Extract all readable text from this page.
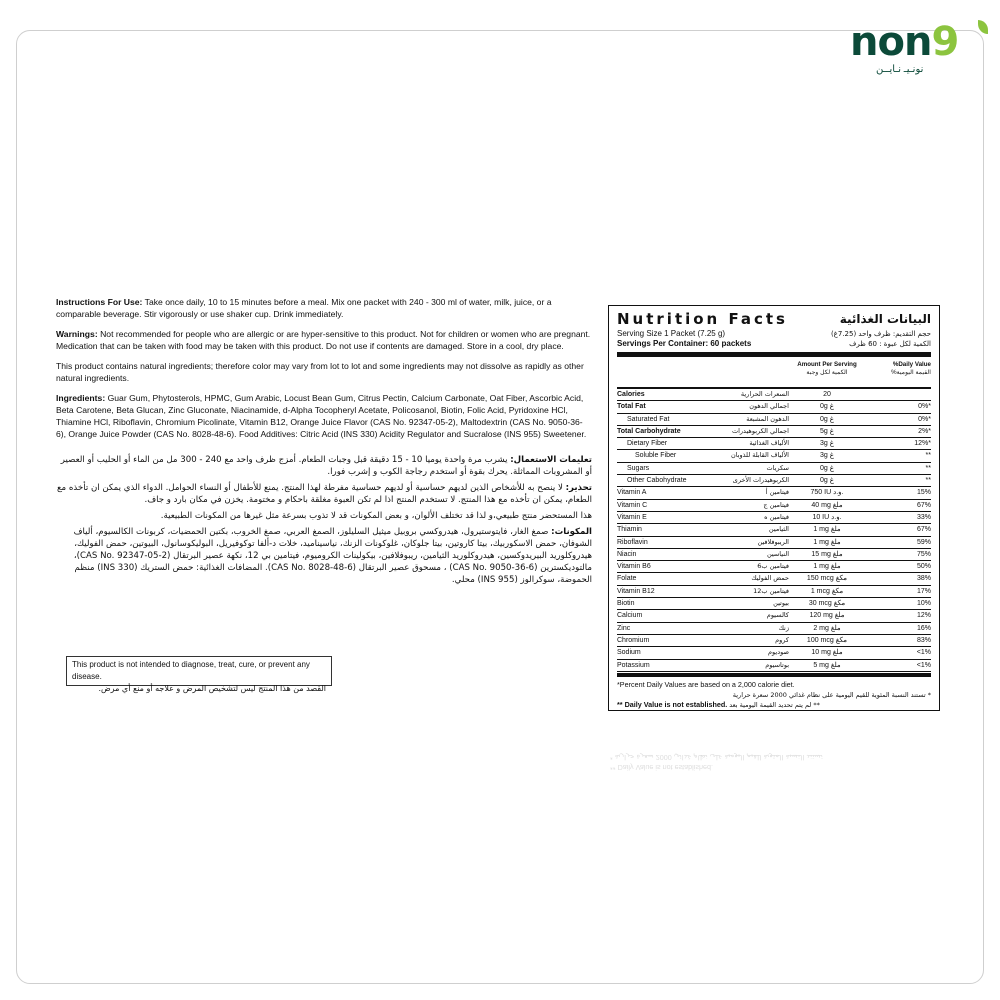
non9
نونـيـ نـايــن

Instructions For Use: Take once daily, 10 to 15 minutes before a meal. Mix one packet with 240 - 300 ml of water, milk, juice, or a comparable beverage. Stir vigorously or use shaker cup. Drink immediately.

Warnings: Not recommended for people who are allergic or are hyper-sensitive to this product. Not for children or women who are pregnant. Medication that can be taken with food may be taken with this product. Do not use if contents are damaged. Store in a cool, dry place.

This product contains natural ingredients; therefore color may vary from lot to lot and some ingredients may not dissolve as rapidly as other natural ingredients.

Ingredients: Guar Gum, Phytosterols, HPMC, Gum Arabic, Locust Bean Gum, Citrus Pectin, Calcium Carbonate, Oat Fiber, Ascorbic Acid, Beta Carotene, Beta Glucan, Zinc Gluconate, Niacinamide, d-Alpha Tocopheryl Acetate, Policosanol, Biotin, Folic Acid, Pyridoxine HCl, Thiamine HCl, Riboflavin, Chromium Picolinate, Vitamin B12, Orange Juice Flavor (CAS No. 92347-05-2), Maltodextrin (CAS No. 9050-36-6), Orange Juice Powder (CAS No. 8028-48-6). Food Additives: Citric Acid (INS 330) Acidity Regulator and Sucralose (INS 955) Sweetener.

تعليمات الاستعمال: يشرب مرة واحدة يوميا 10 - 15 دقيقة قبل وجبات الطعام. أمزج ظرف واحد مع 240 - 300 مل من الماء أو الحليب أو العصير أو المشروبات المماثلة. يحرك بقوة أو استخدم رجاجة الكوب و إشرب فورا.

تحذير: لا ينصح به للأشخاص الذين لديهم حساسية أو لديهم حساسية مفرطة لهذا المنتج. يمنع للأطفال أو النساء الحوامل. الدواء الذي يمكن ان تأخذه مع الطعام، يمكن ان تأخذه مع هذا المنتج. لا تستخدم المنتج اذا لم تكن العبوة مغلقة باحكام و مختومة. يخزن في مكان بارد و جاف.

هذا المستحضر منتج طبيعي،و لذا قد تختلف الألوان، و بعض المكونات قد لا تذوب بسرعة مثل غيرها من المكونات الطبيعية.

المكونات: صمغ الغار، فايتوستيرول، هيدروكسي بروبيل ميثيل السليلوز، الصمغ العربي، صمغ الخروب، بكتين الحمضيات، كربونات الكالسيوم، ألياف الشوفان، حمض الاسكوربيك، بيتا كاروتين، بيتا جلوكان، غلوكونات الزنك، نياسيناميد، خلات د-ألفا توكوفيريل، البوليكوسانول، البيوتين، حمض الفوليك، هيدروكلوريد البيريدوكسين، هيدروكلوريد الثيامين، ريبوفلافين، بيكولينات الكروميوم، فيتامين بي 12، نكهة عصير البرتقال (CAS No. 92347-05-2)، مالتوديكسترين (CAS No. 9050-36-6) ، مسحوق عصير البرتقال (CAS No. 8028-48-6). المضافات الغذائية: حمض الستريك (INS 330) منظم الحموضة، سوكرالوز (INS 955) محلي.

This product is not intended to diagnose, treat, cure, or prevent any disease.
القصد من هذا المنتج ليس لتشخيص المرض و علاجه أو منع أي مرض.
Nutrition Facts	البيانات الغذائية
Serving Size 1 Packet (7.25 g)	حجم التقديم: ظرف واحد (7.25غ)
Servings Per Container: 60 packets	الكمية لكل عبوة : 60 ظرف
Amount Per Serving
الكمية لكل وجبة
%Daily Value
%القيمة اليومية
Calories	السعرات الحرارية	20
Total Fat	اجمالي الدهون	0g غ	0%*
Saturated Fat	الدهون المشبعة	0g غ	0%*
Total Carbohydrate	اجمالي الكربوهيدرات	5g غ	2%*
Dietary Fiber	الألياف الغذائية	3g غ	12%*
Soluble Fiber	الألياف القابلة للذوبان	3g غ	**
Sugars	سكريات	0g غ	**
Other Cabohydrate	الكربوهيدرات الأخرى	0g غ	**
Vitamin A	فيتامين أ	750 IU و.د.	15%
Vitamin C	فيتامين ج	40 mg ملغ	67%
Vitamin E	فيتامين ه	10 IU و.د.	33%
Thiamin	الثيامين	1 mg ملغ	67%
Riboflavin	الريبوفلافين	1 mg ملغ	59%
Niacin	النياسين	15 mg ملغ	75%
Vitamin B6	فيتامين ب6	1 mg ملغ	50%
Folate	حمض الفوليك	150 mcg مكغ	38%
Vitamin B12	فيتامين ب12	1 mcg مكغ	17%
Biotin	بيوتين	30 mcg مكغ	10%
Calcium	كالسيوم	120 mg ملغ	12%
Zinc	زنك	2 mg ملغ	16%
Chromium	كروم	100 mcg مكغ	83%
Sodium	صوديوم	10 mg ملغ	<1%
Potassium	بوتاسيوم	5 mg ملغ	<1%
*Percent Daily Values are based on a 2,000 calorie diet.
* تستند النسبة المئوية للقيم اليومية على نظام غذائي 2000 سعرة حرارية
** Daily Value is not established. لم يتم تحديد القيمة اليومية بعد **
** Daily Value is not established.
* تستند النسبة المئوية للقيم اليومية على نظام غذائي 2000 سعرة حرارية
